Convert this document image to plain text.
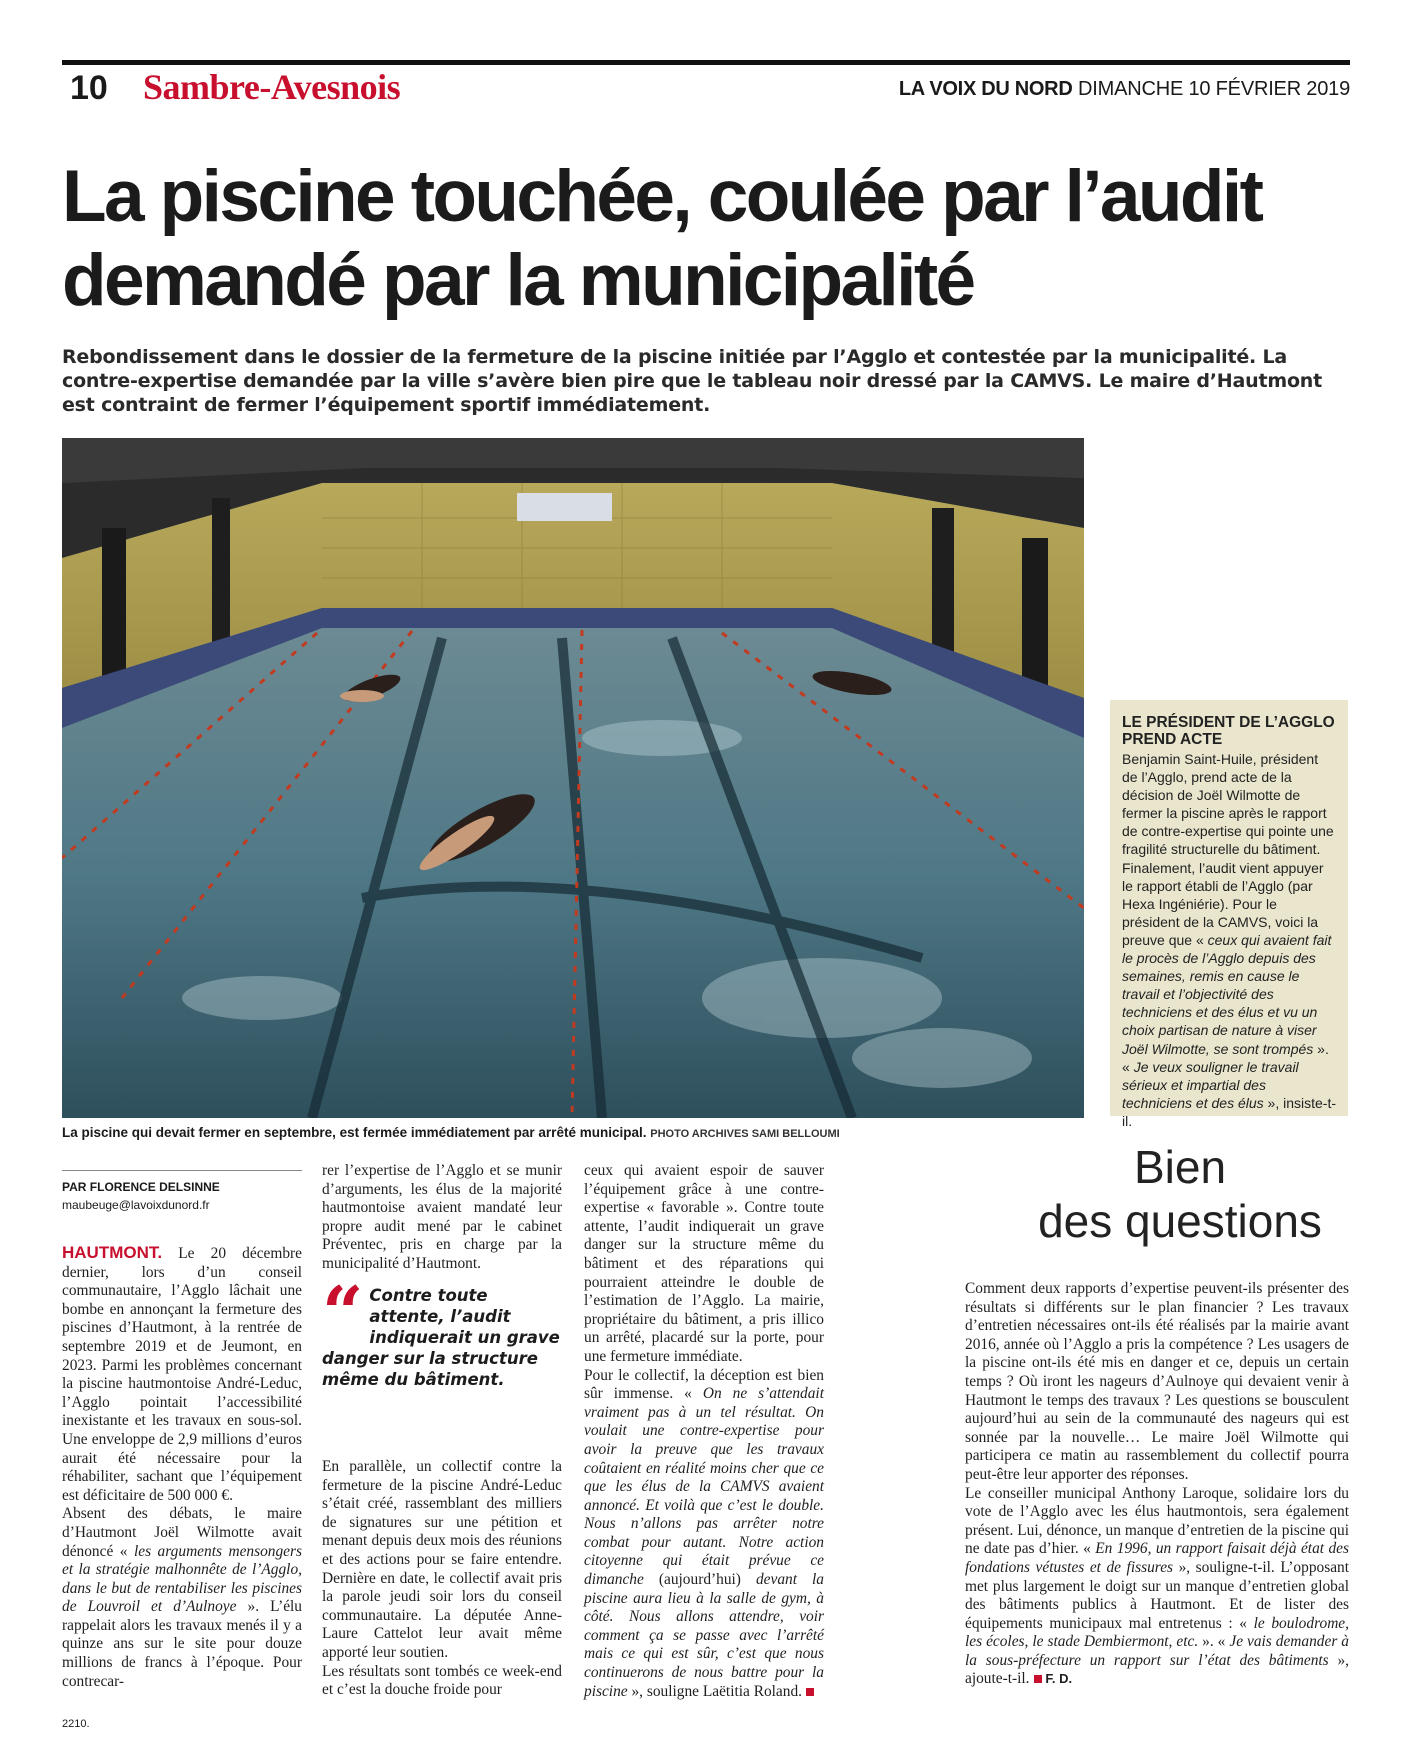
10 Sambre-Avesnois	LA VOIX DU NORD DIMANCHE 10 FÉVRIER 2019
La piscine touchée, coulée par l’audit
demandé par la municipalité
Rebondissement dans le dossier de la fermeture de la piscine initiée par l’Agglo et contestée par la municipalité. La contre-expertise demandée par la ville s’avère bien pire que le tableau noir dressé par la CAMVS. Le maire d’Hautmont est contraint de fermer l’équipement sportif immédiatement.
La piscine qui devait fermer en septembre, est fermée immédiatement par arrêté municipal. PHOTO ARCHIVES SAMI BELLOUMI
LE PRÉSIDENT DE L’AGGLO PREND ACTE
Benjamin Saint-Huile, président de l’Agglo, prend acte de la décision de Joël Wilmotte de fermer la piscine après le rapport de contre-expertise qui pointe une fragilité structurelle du bâtiment. Finalement, l’audit vient appuyer le rapport établi de l’Agglo (par Hexa Ingéniérie). Pour le président de la CAMVS, voici la preuve que « ceux qui avaient fait le procès de l’Agglo depuis des semaines, remis en cause le travail et l’objectivité des techniciens et des élus et vu un choix partisan de nature à viser Joël Wilmotte, se sont trompés ». « Je veux souligner le travail sérieux et impartial des techniciens et des élus », insiste-t-il.
PAR FLORENCE DELSINNE
maubeuge@lavoixdunord.fr

HAUTMONT. Le 20 décembre dernier, lors d’un conseil communautaire, l’Agglo lâchait une bombe en annonçant la fermeture des piscines d’Hautmont, à la rentrée de septembre 2019 et de Jeumont, en 2023. Parmi les problèmes concernant la piscine hautmontoise André-Leduc, l’Agglo pointait l’accessibilité inexistante et les travaux en sous-sol. Une enveloppe de 2,9 millions d’euros aurait été nécessaire pour la réhabiliter, sachant que l’équipement est déficitaire de 500 000 €.

Absent des débats, le maire d’Hautmont Joël Wilmotte avait dénoncé « les arguments mensongers et la stratégie malhonnête de l’Agglo, dans le but de rentabiliser les piscines de Louvroil et d’Aulnoye ». L’élu rappelait alors les travaux menés il y a quinze ans sur le site pour douze millions de francs à l’époque. Pour contrecar-

rer l’expertise de l’Agglo et se munir d’arguments, les élus de la majorité hautmontoise avaient mandaté leur propre audit mené par le cabinet Préventec, pris en charge par la municipalité d’Hautmont.

“ Contre toute attente, l’audit indiquerait un grave danger sur la structure même du bâtiment.

En parallèle, un collectif contre la fermeture de la piscine André-Leduc s’était créé, rassemblant des milliers de signatures sur une pétition et menant depuis deux mois des réunions et des actions pour se faire entendre. Dernière en date, le collectif avait pris la parole jeudi soir lors du conseil communautaire. La députée Anne-Laure Cattelot leur avait même apporté leur soutien.

Les résultats sont tombés ce week-end et c’est la douche froide pour

ceux qui avaient espoir de sauver l’équipement grâce à une contre-expertise « favorable ». Contre toute attente, l’audit indiquerait un grave danger sur la structure même du bâtiment et des réparations qui pourraient atteindre le double de l’estimation de l’Agglo. La mairie, propriétaire du bâtiment, a pris illico un arrêté, placardé sur la porte, pour une fermeture immédiate.

Pour le collectif, la déception est bien sûr immense. « On ne s’attendait vraiment pas à un tel résultat. On voulait une contre-expertise pour avoir la preuve que les travaux coûtaient en réalité moins cher que ce que les élus de la CAMVS avaient annoncé. Et voilà que c’est le double. Nous n’allons pas arrêter notre combat pour autant. Notre action citoyenne qui était prévue ce dimanche (aujourd’hui) devant la piscine aura lieu à la salle de gym, à côté. Nous allons attendre, voir comment ça se passe avec l’arrêté mais ce qui est sûr, c’est que nous continuerons de nous battre pour la piscine », souligne Laëtitia Roland.

Bien
des questions

Comment deux rapports d’expertise peuvent-ils présenter des résultats si différents sur le plan financier ? Les travaux d’entretien nécessaires ont-ils été réalisés par la mairie avant 2016, année où l’Agglo a pris la compétence ? Les usagers de la piscine ont-ils été mis en danger et ce, depuis un certain temps ? Où iront les nageurs d’Aulnoye qui devaient venir à Hautmont le temps des travaux ? Les questions se bousculent aujourd’hui au sein de la communauté des nageurs qui est sonnée par la nouvelle… Le maire Joël Wilmotte qui participera ce matin au rassemblement du collectif pourra peut-être leur apporter des réponses.

Le conseiller municipal Anthony Laroque, solidaire lors du vote de l’Agglo avec les élus hautmontois, sera également présent. Lui, dénonce, un manque d’entretien de la piscine qui ne date pas d’hier. « En 1996, un rapport faisait déjà état des fondations vétustes et de fissures », souligne-t-il. L’opposant met plus largement le doigt sur un manque d’entretien global des bâtiments publics à Hautmont. Et de lister des équipements municipaux mal entretenus : « le boulodrome, les écoles, le stade Dembiermont, etc. ». « Je vais demander à la sous-préfecture un rapport sur l’état des bâtiments », ajoute-t-il. F. D.

2210.
